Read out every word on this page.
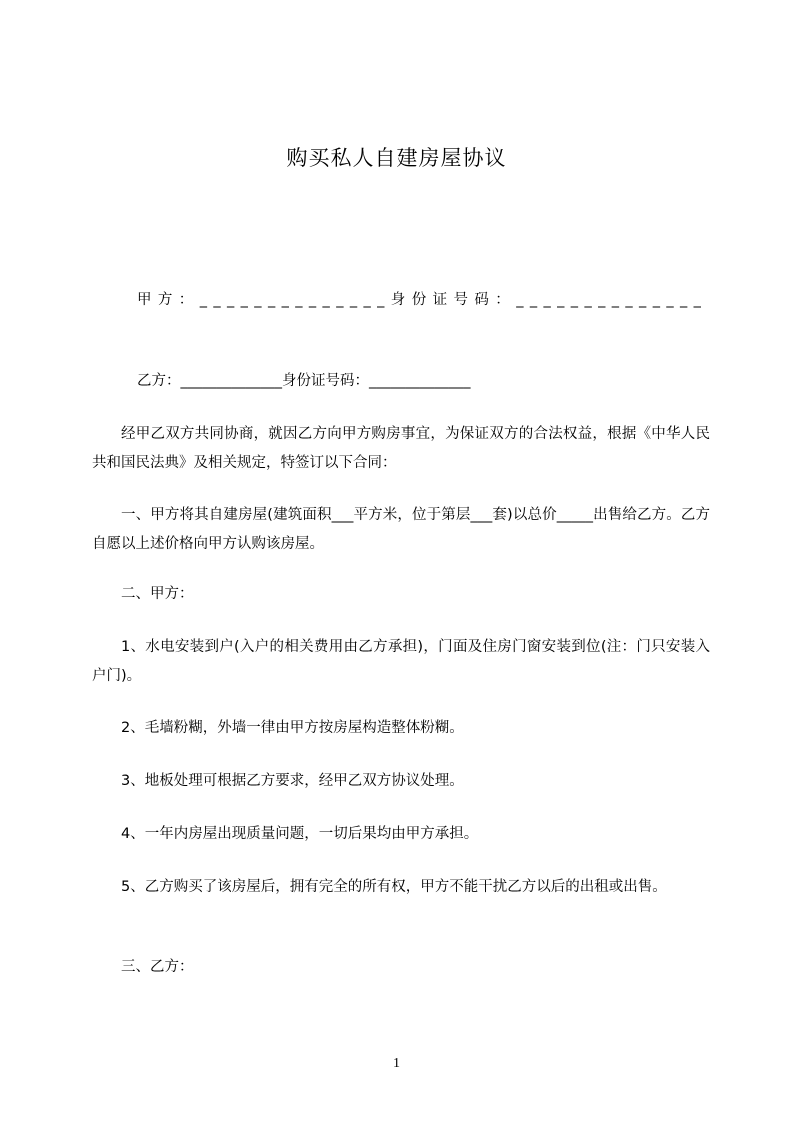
购买私人自建房屋协议
甲方：______________身份证号码：______________
乙方：______________身份证号码：______________
经甲乙双方共同协商，就因乙方向甲方购房事宜，为保证双方的合法权益，根据《中华人民共和国民法典》及相关规定，特签订以下合同：
一、甲方将其自建房屋(建筑面积___平方米，位于第层___套)以总价_____出售给乙方。乙方自愿以上述价格向甲方认购该房屋。
二、甲方：
1、水电安装到户(入户的相关费用由乙方承担)，门面及住房门窗安装到位(注：门只安装入户门)。
2、毛墙粉糊，外墙一律由甲方按房屋构造整体粉糊。
3、地板处理可根据乙方要求，经甲乙双方协议处理。
4、一年内房屋出现质量问题，一切后果均由甲方承担。
5、乙方购买了该房屋后，拥有完全的所有权，甲方不能干扰乙方以后的出租或出售。
三、乙方：
1
